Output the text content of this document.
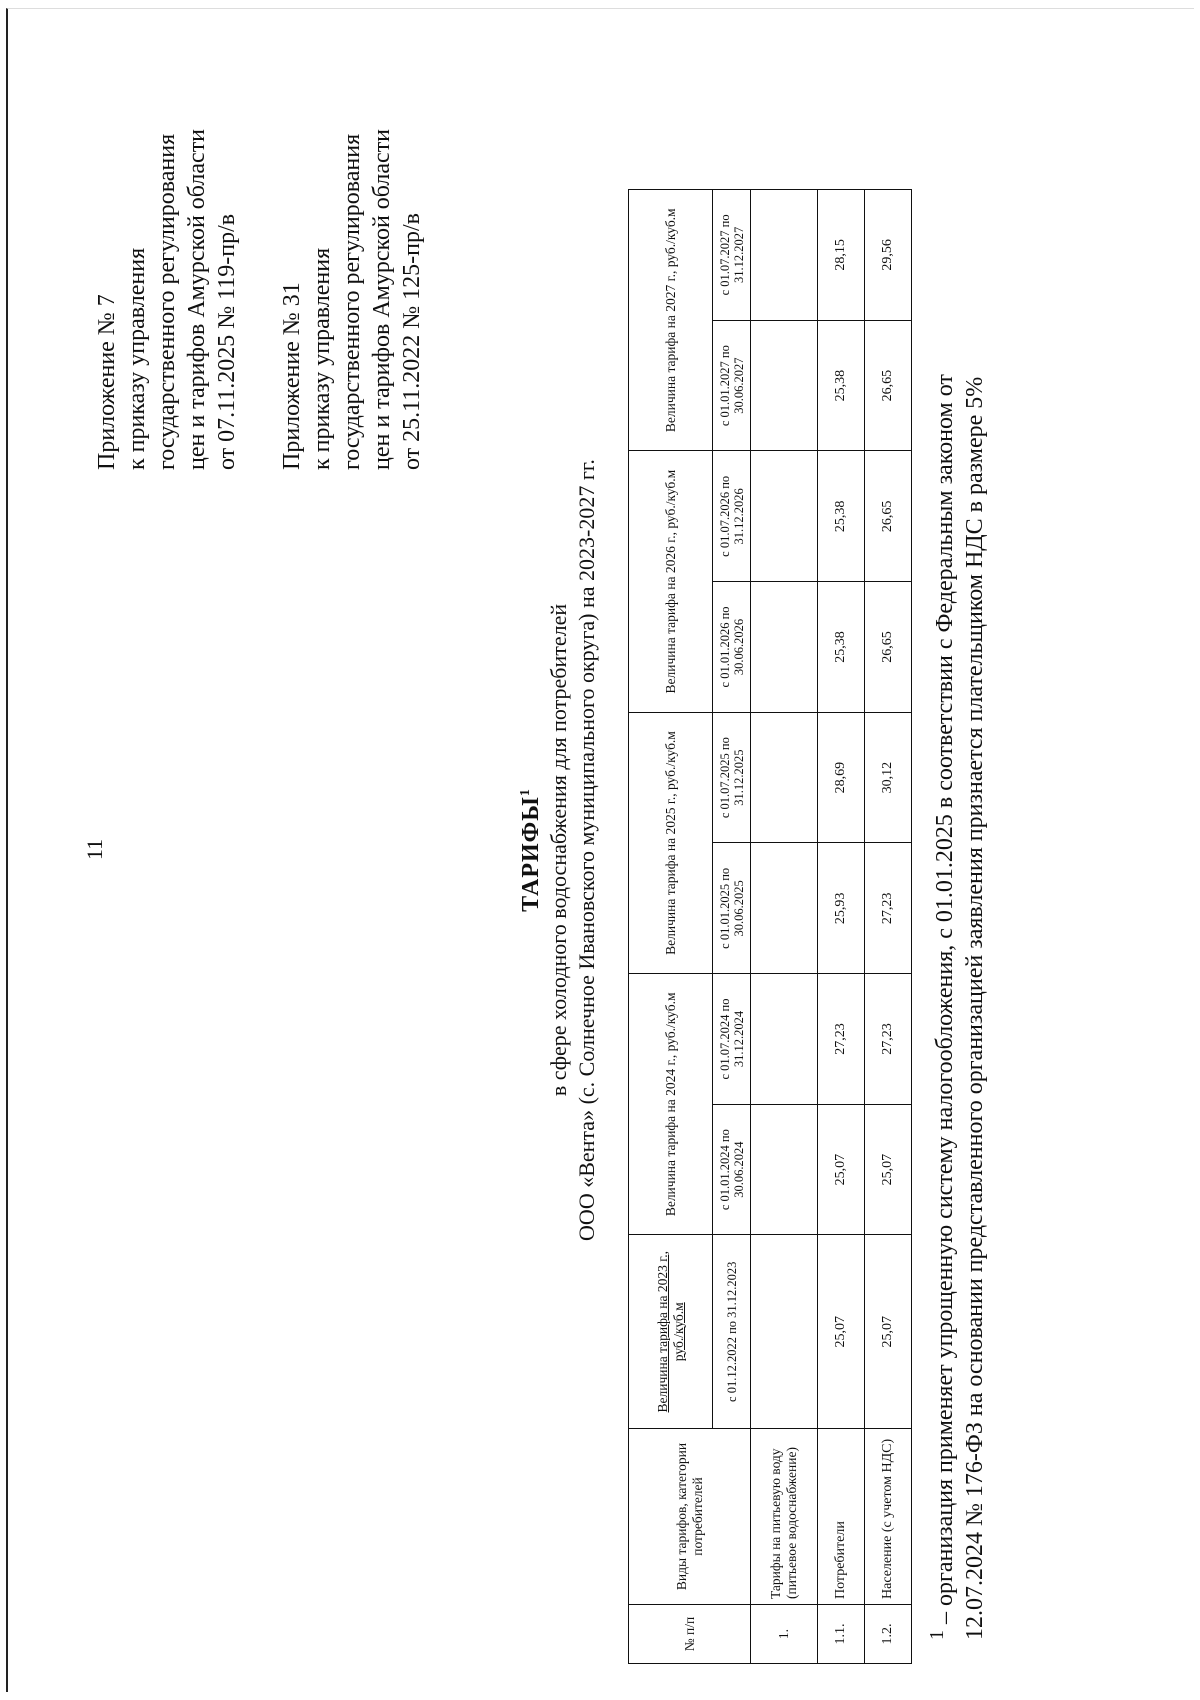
11
Приложение № 7 к приказу управления государственного регулирования цен и тарифов Амурской области от 07.11.2025 № 119-пр/в Приложение № 31 к приказу управления государственного регулирования цен и тарифов Амурской области от 25.11.2022 № 125-пр/в
ТАРИФЫ$^1$ в сфере холодного водоснабжения для потребителей ООО «Вента» (с. Солнечное Ивановского муниципального округа) на 2023-2027 гг.
№ п/п	Виды тарифов, категории потребителей	Величина тарифа на 2023 г., руб./куб.м	Величина тарифа на 2024 г., руб./куб.м		Величина тарифа на 2025 г., руб./куб.м		Величина тарифа на 2026 г., руб./куб.м		Величина тарифа на 2027 г., руб./куб.м	
		с 01.12.2022 по 31.12.2023	с 01.01.2024 по 30.06.2024	с 01.07.2024 по 31.12.2024	с 01.01.2025 по 30.06.2025	с 01.07.2025 по 31.12.2025	с 01.01.2026 по 30.06.2026	с 01.07.2026 по 31.12.2026	с 01.01.2027 по 30.06.2027	с 01.07.2027 по 31.12.2027
1.	Тарифы на питьевую воду (питьевое водоснабжение)									
1.1.	Потребители	25,07	25,07	27,23	25,93	28,69	25,38	25,38	25,38	28,15
1.2.	Население (с учетом НДС)	25,07	25,07	27,23	27,23	30,12	26,65	26,65	26,65	29,56
$^1$ – организация применяет упрощенную систему налогообложения, с 01.01.2025 в соответствии с Федеральным законом от 12.07.2024 № 176-ФЗ на основании представленного организацией заявления признается плательщиком НДС в размере 5%
